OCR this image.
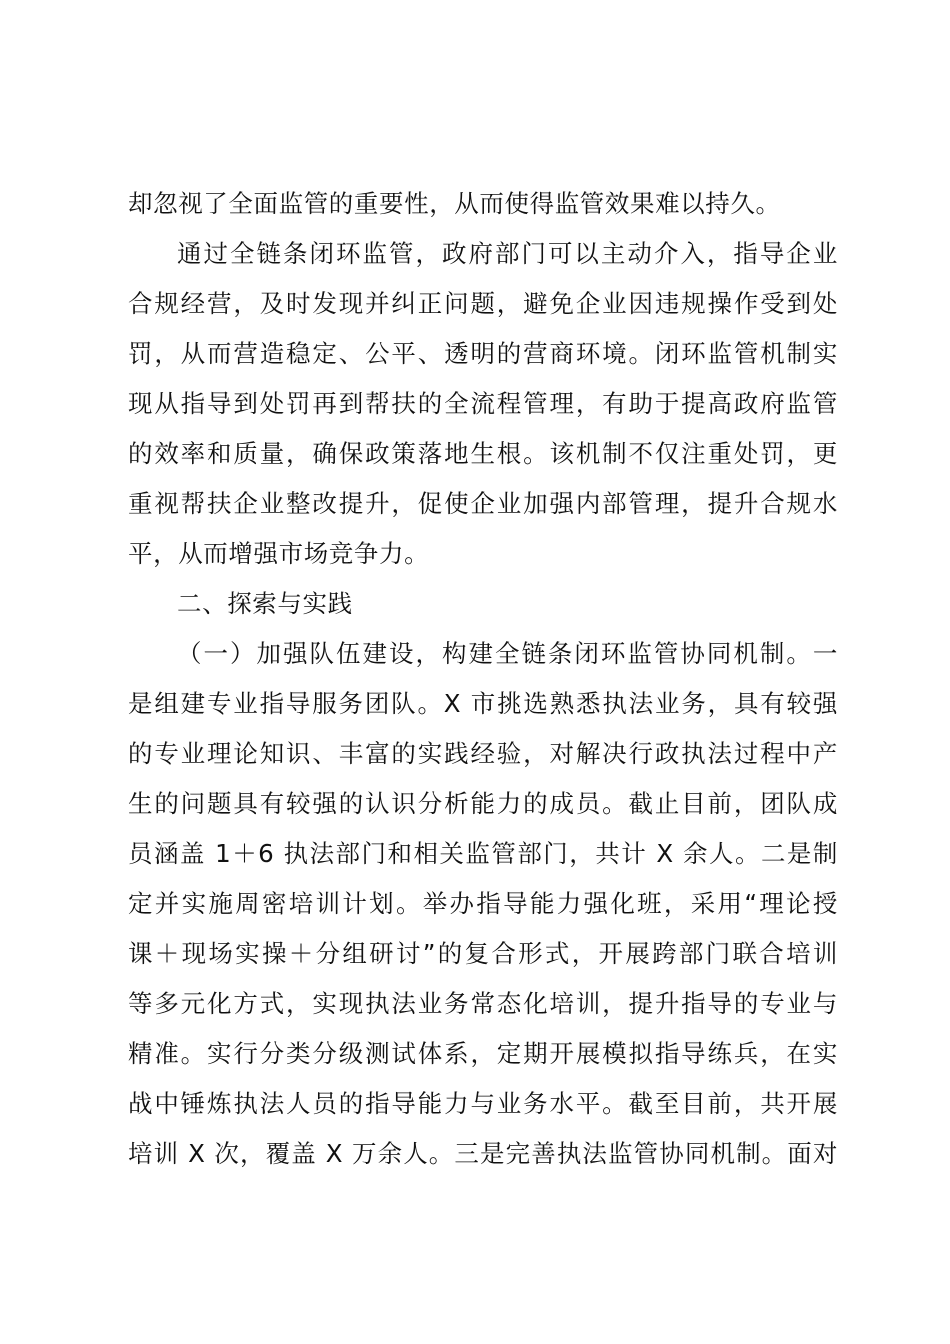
却忽视了全面监管的重要性，从而使得监管效果难以持久。
通过全链条闭环监管，政府部门可以主动介入，指导企业
合规经营，及时发现并纠正问题，避免企业因违规操作受到处
罚，从而营造稳定、公平、透明的营商环境。闭环监管机制实
现从指导到处罚再到帮扶的全流程管理，有助于提高政府监管
的效率和质量，确保政策落地生根。该机制不仅注重处罚，更
重视帮扶企业整改提升，促使企业加强内部管理，提升合规水
平，从而增强市场竞争力。
二、探索与实践
（一）加强队伍建设，构建全链条闭环监管协同机制。一
是组建专业指导服务团队。X 市挑选熟悉执法业务，具有较强
的专业理论知识、丰富的实践经验，对解决行政执法过程中产
生的问题具有较强的认识分析能力的成员。截止目前，团队成
员涵盖 1＋6 执法部门和相关监管部门，共计 X 余人。二是制
定并实施周密培训计划。举办指导能力强化班，采用“理论授
课＋现场实操＋分组研讨”的复合形式，开展跨部门联合培训
等多元化方式，实现执法业务常态化培训，提升指导的专业与
精准。实行分类分级测试体系，定期开展模拟指导练兵，在实
战中锤炼执法人员的指导能力与业务水平。截至目前，共开展
培训 X 次，覆盖 X 万余人。三是完善执法监管协同机制。面对
